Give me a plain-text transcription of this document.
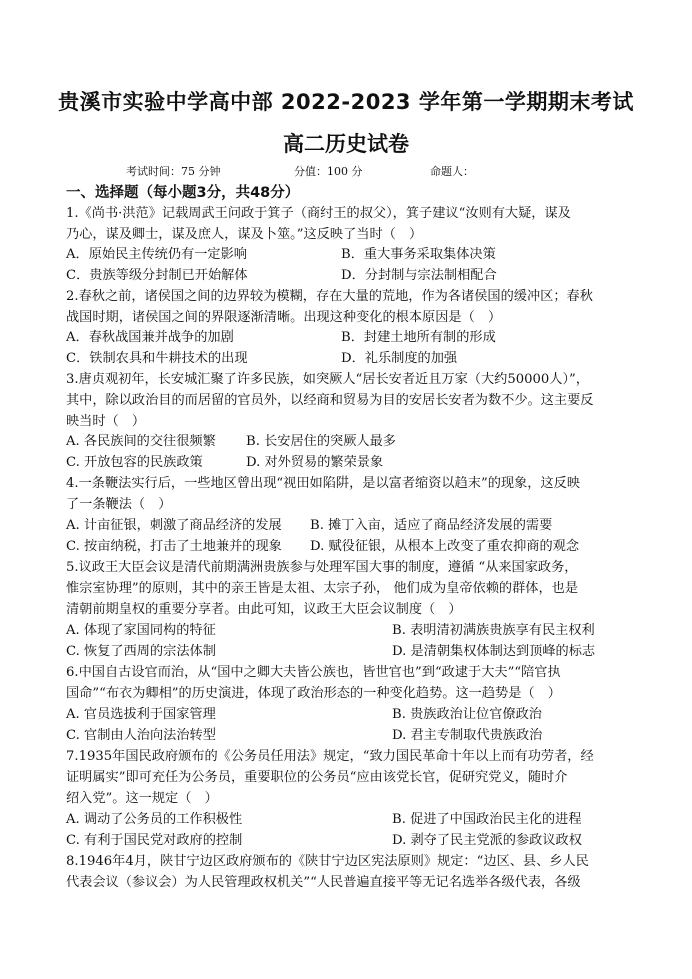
贵溪市实验中学高中部 2022-2023 学年第一学期期末考试
高二历史试卷
考试时间：75 分钟	分值：100 分	命题人：
一、选择题（每小题3分，共48分）
1.《尚书·洪范》记载周武王问政于箕子（商纣王的叔父），箕子建议“汝则有大疑，谋及
乃心，谋及卿士，谋及庶人，谋及卜筮。”这反映了当时（　）
A．原始民主传统仍有一定影响	B．重大事务采取集体决策
C．贵族等级分封制已开始解体	D．分封制与宗法制相配合
2.春秋之前，诸侯国之间的边界较为模糊，存在大量的荒地，作为各诸侯国的缓冲区；春秋
战国时期，诸侯国之间的界限逐渐清晰。出现这种变化的根本原因是（　）
A．春秋战国兼并战争的加剧	B．封建土地所有制的形成
C．铁制农具和牛耕技术的出现	D．礼乐制度的加强
3.唐贞观初年，长安城汇聚了许多民族，如突厥人“居长安者近且万家（大约50000人）”，
其中，除以政治目的而居留的官员外，以经商和贸易为目的安居长安者为数不少。这主要反
映当时（　）
A. 各民族间的交往很频繁 B. 长安居住的突厥人最多
C. 开放包容的民族政策	D. 对外贸易的繁荣景象
4.一条鞭法实行后，一些地区曾出现“视田如陷阱，是以富者缩资以趋末”的现象，这反映
了一条鞭法（　）
A. 计亩征银，刺激了商品经济的发展 B. 摊丁入亩，适应了商品经济发展的需要
C. 按亩纳税，打击了土地兼并的现象 D. 赋役征银，从根本上改变了重农抑商的观念
5.议政王大臣会议是清代前期满洲贵族参与处理军国大事的制度，遵循 “从来国家政务，
惟宗室协理”的原则，其中的亲王皆是太祖、太宗子孙， 他们成为皇帝依赖的群体，也是
清朝前期皇权的重要分享者。由此可知，议政王大臣会议制度（　）
A. 体现了家国同构的特征	B. 表明清初满族贵族享有民主权利
C. 恢复了西周的宗法体制	D. 是清朝集权体制达到顶峰的标志
6.中国自古设官而治，从“国中之卿大夫皆公族也，皆世官也”到“政逮于大夫”“陪官执
国命”“布衣为卿相”的历史演进，体现了政治形态的一种变化趋势。这一趋势是（　）
A. 官员选拔利于国家管理	B. 贵族政治让位官僚政治
C. 官制由人治向法治转型	D. 君主专制取代贵族政治
7.1935年国民政府颁布的《公务员任用法》规定，“致力国民革命十年以上而有功劳者，经
证明属实”即可充任为公务员，重要职位的公务员“应由该党长官，促研究党义，随时介
绍入党”。这一规定（　）
A. 调动了公务员的工作积极性	B. 促进了中国政治民主化的进程
C. 有利于国民党对政府的控制	D. 剥夺了民主党派的参政议政权
8.1946年4月，陕甘宁边区政府颁布的《陕甘宁边区宪法原则》规定：“边区、县、乡人民
代表会议（参议会）为人民管理政权机关”“人民普遍直接平等无记名选举各级代表，各级
